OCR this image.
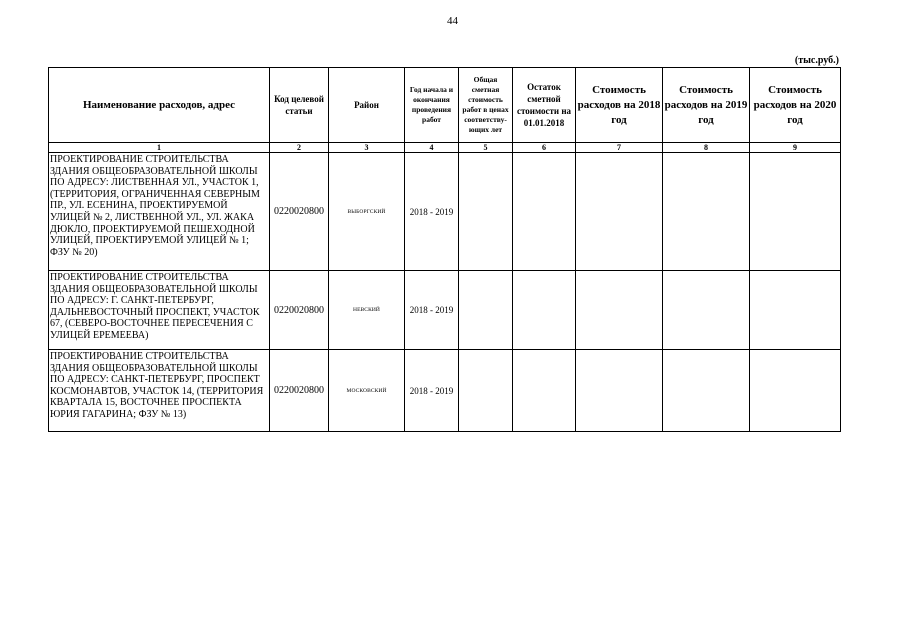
44
(тыс.руб.)
Наименование расходов, адрес	Код целевой статьи	Район	Год начала и окончания проведения работ	Общая сметная стоимость работ в ценах соответству- ющих лет	Остаток сметной стоимости на 01.01.2018	Стоимость расходов на 2018 год	Стоимость расходов на 2019 год	Стоимость расходов на 2020 год
1	2	3	4	5	6	7	8	9
ПРОЕКТИРОВАНИЕ СТРОИТЕЛЬСТВА ЗДАНИЯ ОБЩЕОБРАЗОВАТЕЛЬНОЙ ШКОЛЫ ПО АДРЕСУ: ЛИСТВЕННАЯ УЛ., УЧАСТОК 1, (ТЕРРИТОРИЯ, ОГРАНИЧЕННАЯ СЕВЕРНЫМ ПР., УЛ. ЕСЕНИНА, ПРОЕКТИРУЕМОЙ УЛИЦЕЙ № 2, ЛИСТВЕННОЙ УЛ., УЛ. ЖАКА ДЮКЛО, ПРОЕКТИРУЕМОЙ ПЕШЕХОДНОЙ УЛИЦЕЙ, ПРОЕКТИРУЕМОЙ УЛИЦЕЙ № 1; ФЗУ № 20)	0220020800	ВЫБОРГСКИЙ	2018 - 2019					
ПРОЕКТИРОВАНИЕ СТРОИТЕЛЬСТВА ЗДАНИЯ ОБЩЕОБРАЗОВАТЕЛЬНОЙ ШКОЛЫ ПО АДРЕСУ: Г. САНКТ-ПЕТЕРБУРГ, ДАЛЬНЕВОСТОЧНЫЙ ПРОСПЕКТ, УЧАСТОК 67, (СЕВЕРО-ВОСТОЧНЕЕ ПЕРЕСЕЧЕНИЯ С УЛИЦЕЙ ЕРЕМЕЕВА)	0220020800	НЕВСКИЙ	2018 - 2019					
ПРОЕКТИРОВАНИЕ СТРОИТЕЛЬСТВА ЗДАНИЯ ОБЩЕОБРАЗОВАТЕЛЬНОЙ ШКОЛЫ ПО АДРЕСУ: САНКТ-ПЕТЕРБУРГ, ПРОСПЕКТ КОСМОНАВТОВ, УЧАСТОК 14, (ТЕРРИТОРИЯ КВАРТАЛА 15, ВОСТОЧНЕЕ ПРОСПЕКТА ЮРИЯ ГАГАРИНА; ФЗУ № 13)	0220020800	МОСКОВСКИЙ	2018 - 2019					
